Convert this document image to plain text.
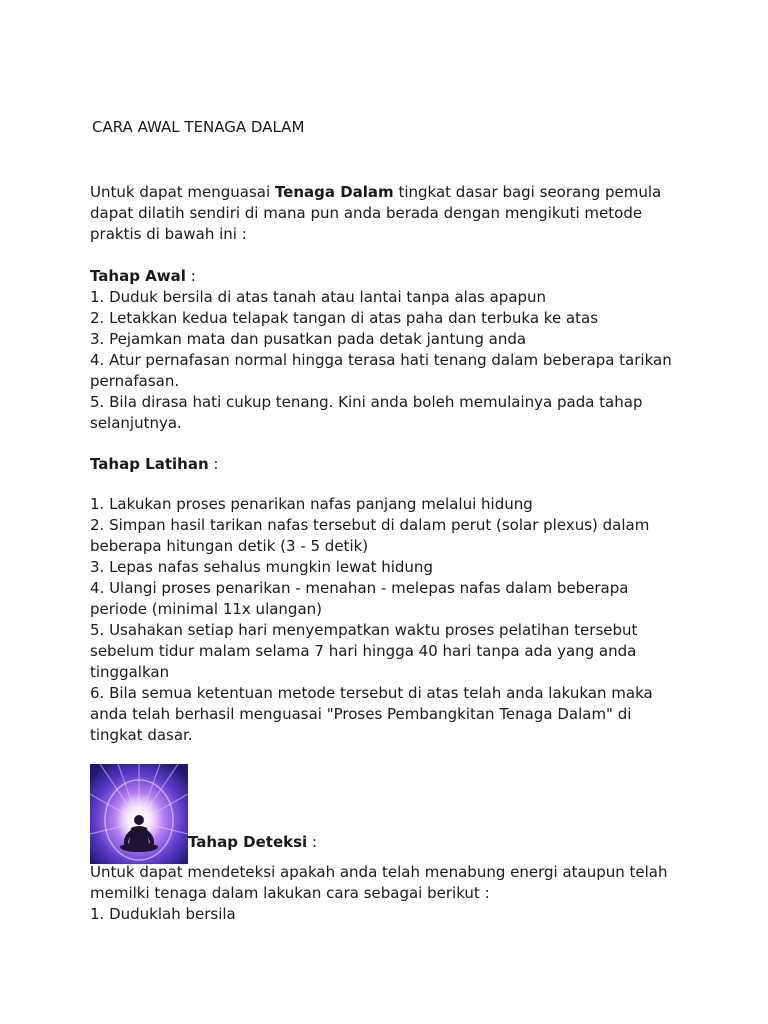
CARA AWAL TENAGA DALAM
Untuk dapat menguasai Tenaga Dalam tingkat dasar bagi seorang pemula
dapat dilatih sendiri di mana pun anda berada dengan mengikuti metode
praktis di bawah ini :
Tahap Awal :
1. Duduk bersila di atas tanah atau lantai tanpa alas apapun
2. Letakkan kedua telapak tangan di atas paha dan terbuka ke atas
3. Pejamkan mata dan pusatkan pada detak jantung anda
4. Atur pernafasan normal hingga terasa hati tenang dalam beberapa tarikan
pernafasan.
5. Bila dirasa hati cukup tenang. Kini anda boleh memulainya pada tahap
selanjutnya.
Tahap Latihan :
1. Lakukan proses penarikan nafas panjang melalui hidung
2. Simpan hasil tarikan nafas tersebut di dalam perut (solar plexus) dalam
beberapa hitungan detik (3 - 5 detik)
3. Lepas nafas sehalus mungkin lewat hidung
4. Ulangi proses penarikan - menahan - melepas nafas dalam beberapa
periode (minimal 11x ulangan)
5. Usahakan setiap hari menyempatkan waktu proses pelatihan tersebut
sebelum tidur malam selama 7 hari hingga 40 hari tanpa ada yang anda
tinggalkan
6. Bila semua ketentuan metode tersebut di atas telah anda lakukan maka
anda telah berhasil menguasai "Proses Pembangkitan Tenaga Dalam" di
tingkat dasar.
Tahap Deteksi :
Untuk dapat mendeteksi apakah anda telah menabung energi ataupun telah
memilki tenaga dalam lakukan cara sebagai berikut :
1. Duduklah bersila
